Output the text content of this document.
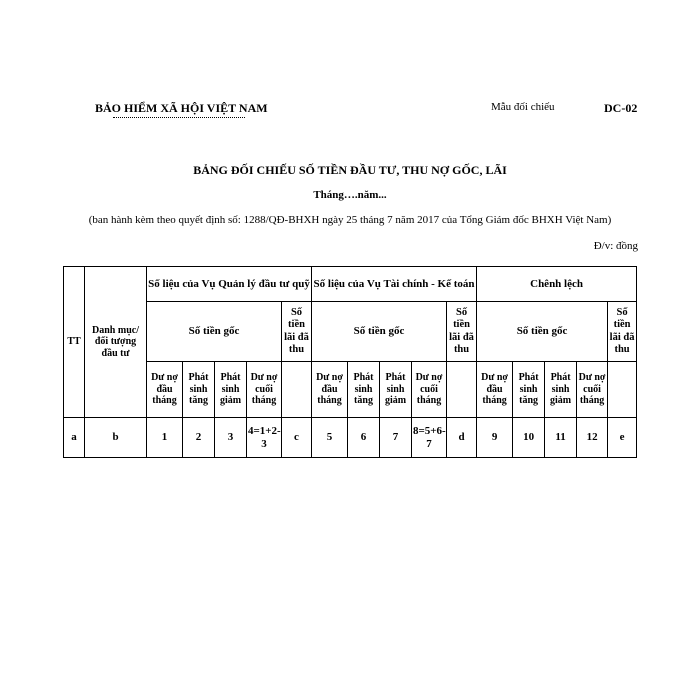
BẢO HIỂM XÃ HỘI VIỆT NAM	Mẫu đối chiếu	DC-02
BẢNG ĐỐI CHIẾU SỐ TIỀN ĐẦU TƯ, THU NỢ GỐC, LÃI
Tháng….năm...
(ban hành kèm theo quyết định số: 1288/QĐ-BHXH ngày 25 tháng 7 năm 2017 của Tổng Giám đốc BHXH Việt Nam)
Đ/v: đồng
TT	Danh mục/ đối tượng đầu tư	Số liệu của Vụ Quản lý đầu tư quỹ					Số liệu của Vụ Tài chính - Kế toán					Chênh lệch				
		Số tiền gốc				Số tiền lãi đã thu	Số tiền gốc				Số tiền lãi đã thu	Số tiền gốc				Số tiền lãi đã thu
		Dư nợ đầu tháng	Phát sinh tăng	Phát sinh giảm	Dư nợ cuối tháng		Dư nợ đầu tháng	Phát sinh tăng	Phát sinh giảm	Dư nợ cuối tháng		Dư nợ đầu tháng	Phát sinh tăng	Phát sinh giảm	Dư nợ cuối tháng	
a	b	1	2	3	4=1+2-3	c	5	6	7	8=5+6-7	d	9	10	11	12	e
